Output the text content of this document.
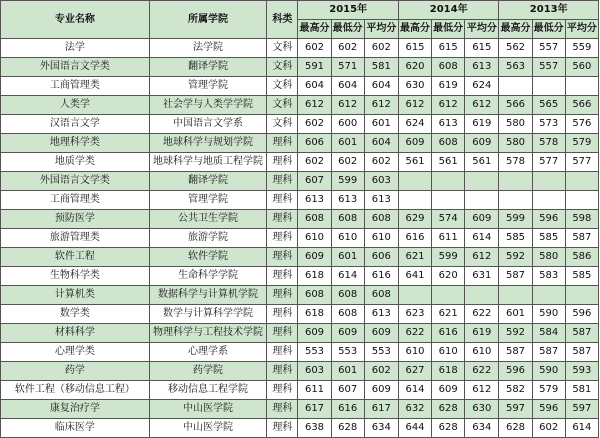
专业名称	所属学院	科类	2015年			2014年			2013年		
			最高分	最低分	平均分	最高分	最低分	平均分	最高分	最低分	平均分
法学	法学院	文科	602	602	602	615	615	615	562	557	559
外国语言文学类	翻译学院	文科	591	571	581	620	608	613	563	557	560
工商管理类	管理学院	文科	604	604	604	630	619	624			
人类学	社会学与人类学学院	文科	612	612	612	612	612	612	566	565	566
汉语言文学	中国语言文学系	文科	602	600	601	624	613	619	580	573	576
地理科学类	地球科学与规划学院	理科	606	601	604	609	608	609	580	578	579
地质学类	地球科学与地质工程学院	理科	602	602	602	561	561	561	578	577	577
外国语言文学类	翻译学院	理科	607	599	603						
工商管理类	管理学院	理科	613	613	613						
预防医学	公共卫生学院	理科	608	608	608	629	574	609	599	596	598
旅游管理类	旅游学院	理科	610	610	610	616	611	614	585	585	587
软件工程	软件学院	理科	609	601	606	621	599	612	592	580	586
生物科学类	生命科学学院	理科	618	614	616	641	620	631	587	583	585
计算机类	数据科学与计算机学院	理科	608	608	608						
数学类	数学与计算科学学院	理科	618	608	613	623	621	622	601	590	596
材料科学	物理科学与工程技术学院	理科	609	609	609	622	616	619	592	584	587
心理学类	心理学系	理科	553	553	553	610	610	610	587	587	587
药学	药学院	理科	603	601	602	627	618	622	596	590	593
软件工程（移动信息工程）	移动信息工程学院	理科	611	607	609	614	609	612	582	579	581
康复治疗学	中山医学院	理科	617	616	617	632	628	630	597	596	597
临床医学	中山医学院	理科	638	628	634	644	628	634	628	602	614
